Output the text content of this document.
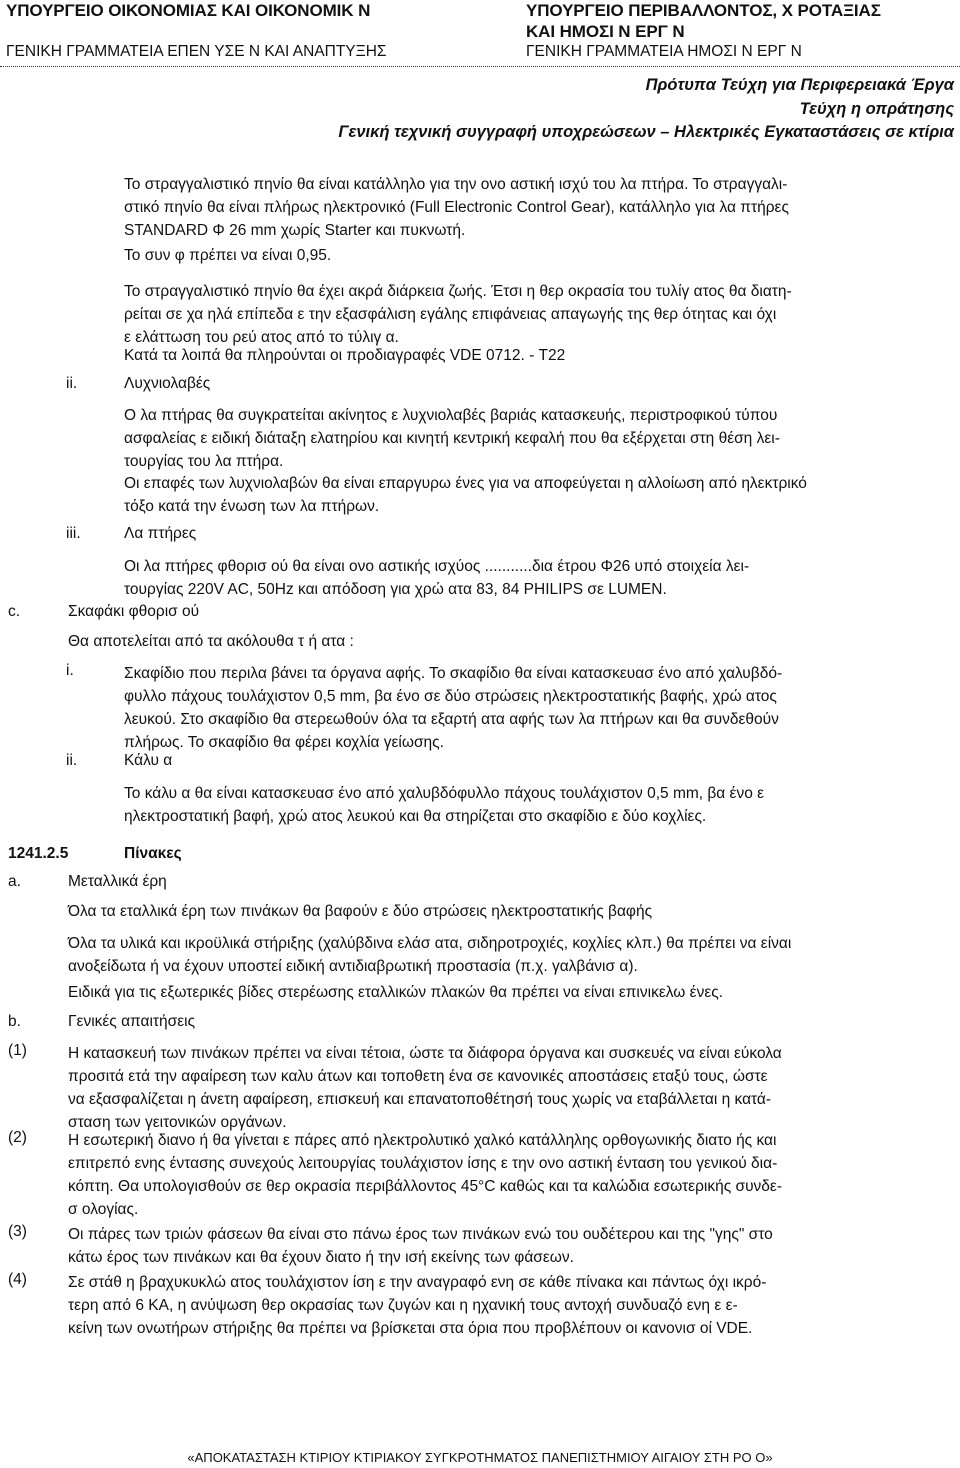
ΥΠΟΥΡΓΕΙΟ ΟΙΚΟΝΟΜΙΑΣ ΚΑΙ ΟΙΚΟΝΟΜΙΚ Ν
ΓΕΝΙΚΗ ΓΡΑΜΜΑΤΕΙΑ ΕΠΕΝ ΥΣΕ Ν ΚΑΙ ΑΝΑΠΤΥΞΗΣ
ΥΠΟΥΡΓΕΙΟ ΠΕΡΙΒΑΛΛΟΝΤΟΣ, Χ ΡΟΤΑΞΙΑΣ
ΚΑΙ ΗΜΟΣΙ Ν ΕΡΓ Ν
ΓΕΝΙΚΗ ΓΡΑΜΜΑΤΕΙΑ ΗΜΟΣΙ Ν ΕΡΓ Ν
Πρότυπα Τεύχη για Περιφερειακά Έργα
Τεύχη η οπράτησης
Γενική τεχνική συγγραφή υποχρεώσεων – Ηλεκτρικές Εγκαταστάσεις σε κτίρια
Το στραγγαλιστικό πηνίο θα είναι κατάλληλο για την ονο αστική ισχύ του λα πτήρα. Το στραγγαλι-
στικό πηνίο θα είναι πλήρως ηλεκτρονικό (Full Electronic Control Gear), κατάλληλο για λα πτήρες
STANDARD Φ 26 mm χωρίς Starter και πυκνωτή.
Το συν φ πρέπει να είναι 0,95.
Το στραγγαλιστικό πηνίο θα έχει ακρά διάρκεια ζωής. Έτσι η θερ οκρασία του τυλίγ ατος θα διατη-
ρείται σε χα ηλά επίπεδα ε την εξασφάλιση εγάλης επιφάνειας απαγωγής της θερ ότητας και όχι
ε ελάττωση του ρεύ ατος από το τύλιγ α.
Κατά τα λοιπά θα πληρούνται οι προδιαγραφές VDE 0712. - Τ22
ii.	Λυχνιολαβές
Ο λα πτήρας θα συγκρατείται ακίνητος ε λυχνιολαβές βαριάς κατασκευής, περιστροφικού τύπου
ασφαλείας ε ειδική διάταξη ελατηρίου και κινητή κεντρική κεφαλή που θα εξέρχεται στη θέση λει-
τουργίας του λα πτήρα.
Οι επαφές των λυχνιολαβών θα είναι επαργυρω ένες για να αποφεύγεται η αλλοίωση από ηλεκτρικό
τόξο κατά την ένωση των λα πτήρων.
iii.	Λα πτήρες
Οι λα πτήρες φθορισ ού θα είναι ονο αστικής ισχύος ...........δια έτρου Φ26 υπό στοιχεία λει-
τουργίας 220V AC, 50Hz και απόδοση για χρώ ατα 83, 84 PHILIPS σε LUMEN.
c.	Σκαφάκι φθορισ ού
Θα αποτελείται από τα ακόλουθα τ ή ατα :
i.	Σκαφίδιο που περιλα βάνει τα όργανα αφής. Το σκαφίδιο θα είναι κατασκευασ ένο από χαλυβδό-
φυλλο πάχους τουλάχιστον 0,5 mm, βα ένο σε δύο στρώσεις ηλεκτροστατικής βαφής, χρώ ατος
λευκού. Στο σκαφίδιο θα στερεωθούν όλα τα εξαρτή ατα αφής των λα πτήρων και θα συνδεθούν
πλήρως. Το σκαφίδιο θα φέρει κοχλία γείωσης.
ii.	Κάλυ α
Το κάλυ α θα είναι κατασκευασ ένο από χαλυβδόφυλλο πάχους τουλάχιστον 0,5 mm, βα ένο ε
ηλεκτροστατική βαφή, χρώ ατος λευκού και θα στηρίζεται στο σκαφίδιο ε δύο κοχλίες.
1241.2.5	Πίνακες
a.	Μεταλλικά έρη
Όλα τα εταλλικά έρη των πινάκων θα βαφούν ε δύο στρώσεις ηλεκτροστατικής βαφής
Όλα τα υλικά και ικροϋλικά στήριξης (χαλύβδινα ελάσ ατα, σιδηροτροχιές, κοχλίες κλπ.) θα πρέπει να είναι
ανοξείδωτα ή να έχουν υποστεί ειδική αντιδιαβρωτική προστασία (π.χ. γαλβάνισ α).
Ειδικά για τις εξωτερικές βίδες στερέωσης εταλλικών πλακών θα πρέπει να είναι επινικελω ένες.
b.	Γενικές απαιτήσεις
(1)	Η κατασκευή των πινάκων πρέπει να είναι τέτοια, ώστε τα διάφορα όργανα και συσκευές να είναι εύκολα
προσιτά ετά την αφαίρεση των καλυ άτων και τοποθετη ένα σε κανονικές αποστάσεις εταξύ τους, ώστε
να εξασφαλίζεται η άνετη αφαίρεση, επισκευή και επανατοποθέτησή τους χωρίς να εταβάλλεται η κατά-
σταση των γειτονικών οργάνων.
(2)	Η εσωτερική διανο ή θα γίνεται ε πάρες από ηλεκτρολυτικό χαλκό κατάλληλης ορθογωνικής διατο ής και
επιτρεπό ενης έντασης συνεχούς λειτουργίας τουλάχιστον ίσης ε την ονο αστική ένταση του γενικού δια-
κόπτη. Θα υπολογισθούν σε θερ οκρασία περιβάλλοντος 45°C καθώς και τα καλώδια εσωτερικής συνδε-
σ ολογίας.
(3)	Οι πάρες των τριών φάσεων θα είναι στο πάνω έρος των πινάκων ενώ του ουδέτερου και της "γης" στο
κάτω έρος των πινάκων και θα έχουν διατο ή την ισή εκείνης των φάσεων.
(4)	Σε στάθ η βραχυκυκλώ ατος τουλάχιστον ίση ε την αναγραφό ενη σε κάθε πίνακα και πάντως όχι ικρό-
τερη από 6 ΚΑ, η ανύψωση θερ οκρασίας των ζυγών και η ηχανική τους αντοχή συνδυαζό ενη ε ε-
κείνη των ονωτήρων στήριξης θα πρέπει να βρίσκεται στα όρια που προβλέπουν οι κανονισ οί VDE.
«ΑΠΟΚΑΤΑΣΤΑΣΗ ΚΤΙΡΙΟΥ ΚΤΙΡΙΑΚΟΥ ΣΥΓΚΡΟΤΗΜΑΤΟΣ ΠΑΝΕΠΙΣΤΗΜΙΟΥ ΑΙΓΑΙΟΥ ΣΤΗ ΡΟ Ο»
